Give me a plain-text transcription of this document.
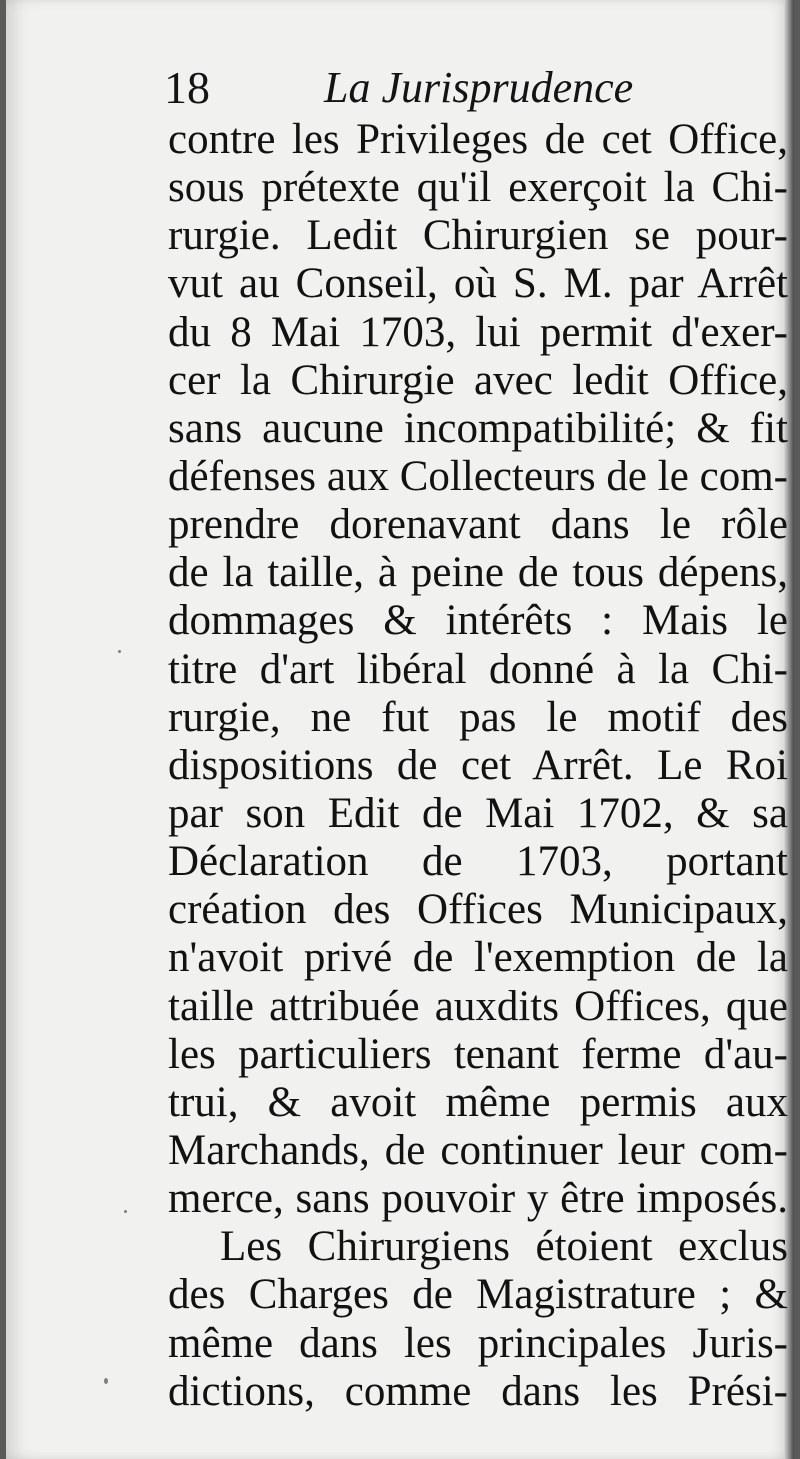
18	La Jurisprudence
contre les Privileges de cet Office,
sous prétexte qu'il exerçoit la Chi-
rurgie. Ledit Chirurgien se pour-
vut au Conseil, où S. M. par Arrêt
du 8 Mai 1703, lui permit d'exer-
cer la Chirurgie avec ledit Office,
sans aucune incompatibilité; & fit
défenses aux Collecteurs de le com-
prendre dorenavant dans le rôle
de la taille, à peine de tous dépens,
dommages & intérêts : Mais le
titre d'art libéral donné à la Chi-
rurgie, ne fut pas le motif des
dispositions de cet Arrêt. Le Roi
par son Edit de Mai 1702, & sa
Déclaration de 1703, portant
création des Offices Municipaux,
n'avoit privé de l'exemption de la
taille attribuée auxdits Offices, que
les particuliers tenant ferme d'au-
trui, & avoit même permis aux
Marchands, de continuer leur com-
merce, sans pouvoir y être imposés.
Les Chirurgiens étoient exclus
des Charges de Magistrature ; &
même dans les principales Juris-
dictions, comme dans les Prési-
